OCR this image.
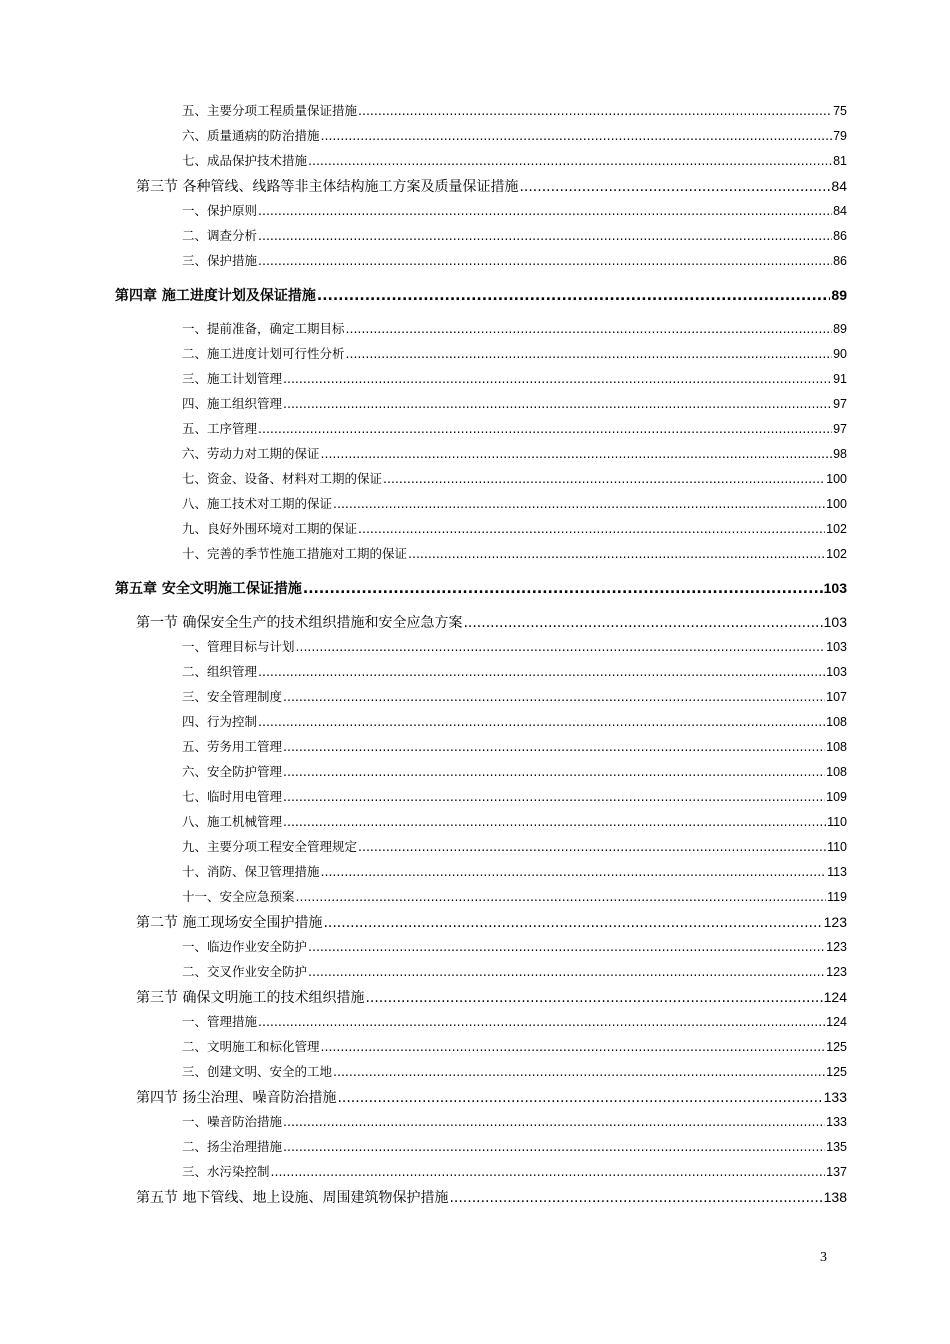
五、主要分项工程质量保证措施 .....	75
六、质量通病的防治措施 .....	79
七、成品保护技术措施 .....	81
第三节 各种管线、线路等非主体结构施工方案及质量保证措施 .....	84
一、保护原则 .....	84
二、调查分析 .....	86
三、保护措施 .....	86
第四章 施工进度计划及保证措施 .....	89
一、提前准备，确定工期目标 .....	89
二、施工进度计划可行性分析 .....	90
三、施工计划管理 .....	91
四、施工组织管理 .....	97
五、工序管理 .....	97
六、劳动力对工期的保证 .....	98
七、资金、设备、材料对工期的保证 .....	100
八、施工技术对工期的保证 .....	100
九、良好外围环境对工期的保证 .....	102
十、完善的季节性施工措施对工期的保证 .....	102
第五章 安全文明施工保证措施 .....	103
第一节 确保安全生产的技术组织措施和安全应急方案 .....	103
一、管理目标与计划 .....	103
二、组织管理 .....	103
三、安全管理制度 .....	107
四、行为控制 .....	108
五、劳务用工管理 .....	108
六、安全防护管理 .....	108
七、临时用电管理 .....	109
八、施工机械管理 .....	110
九、主要分项工程安全管理规定 .....	110
十、消防、保卫管理措施 .....	113
十一、安全应急预案 .....	119
第二节 施工现场安全围护措施 .....	123
一、临边作业安全防护 .....	123
二、交叉作业安全防护 .....	123
第三节 确保文明施工的技术组织措施 .....	124
一、管理措施 .....	124
二、文明施工和标化管理 .....	125
三、创建文明、安全的工地 .....	125
第四节 扬尘治理、噪音防治措施 .....	133
一、噪音防治措施 .....	133
二、扬尘治理措施 .....	135
三、水污染控制 .....	137
第五节 地下管线、地上设施、周围建筑物保护措施 .....	138
3
